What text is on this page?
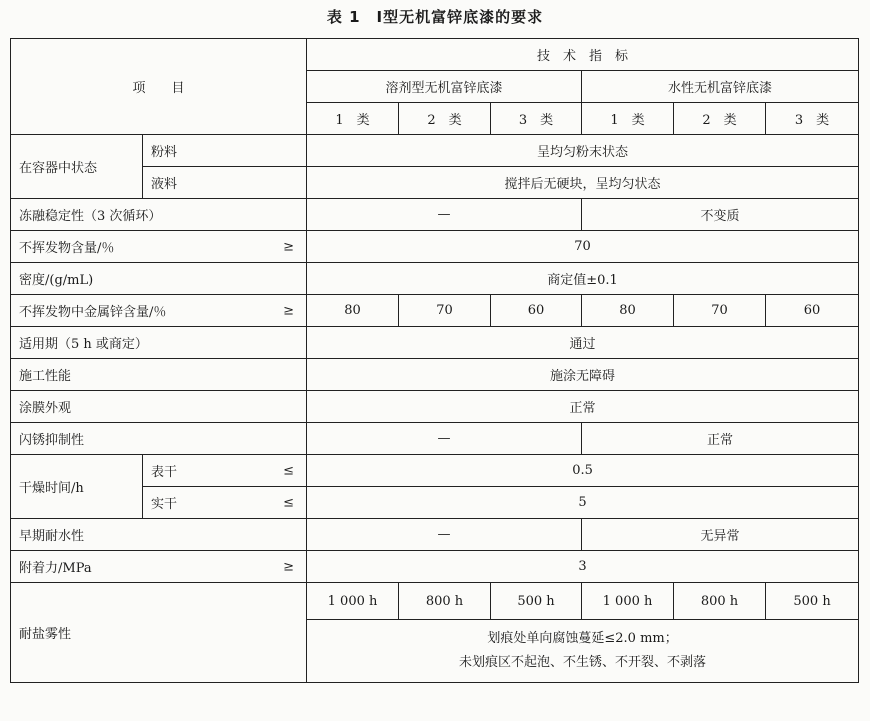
表 1　Ⅰ型无机富锌底漆的要求
项　　目		技　术　指　标					
		溶剂型无机富锌底漆			水性无机富锌底漆		
		1　类	2　类	3　类	1　类	2　类	3　类
在容器中状态	粉料	呈均匀粉末状态					
	液料	搅拌后无硬块，呈均匀状态					
冻融稳定性（3 次循环）		—			不变质		
不挥发物含量/％ ≥		70					
密度/(g/mL)		商定值±0.1					
不挥发物中金属锌含量/％ ≥		80	70	60	80	70	60
适用期（5 h 或商定）		通过					
施工性能		施涂无障碍					
涂膜外观		正常					
闪锈抑制性		—			正常		
干燥时间/h	表干 ≤	0.5					
	实干 ≤	5					
早期耐水性		—			无异常		
附着力/MPa ≥		3					
耐盐雾性		1 000 h	800 h	500 h	1 000 h	800 h	500 h

		划痕处单向腐蚀蔓延≤2.0 mm；
未划痕区不起泡、不生锈、不开裂、不剥落					
